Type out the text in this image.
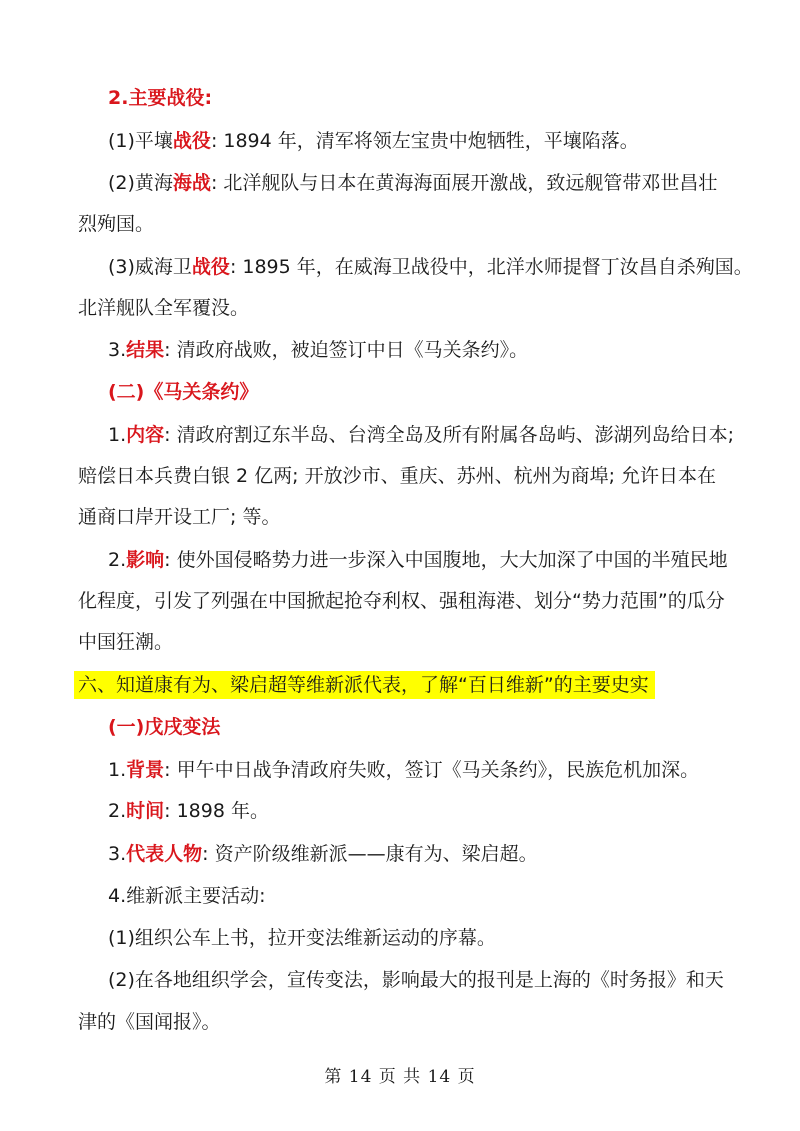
2.主要战役:
(1)平壤战役: 1894 年，清军将领左宝贵中炮牺牲，平壤陷落。
(2)黄海海战: 北洋舰队与日本在黄海海面展开激战，致远舰管带邓世昌壮
烈殉国。
(3)威海卫战役: 1895 年，在威海卫战役中，北洋水师提督丁汝昌自杀殉国。
北洋舰队全军覆没。
3.结果: 清政府战败，被迫签订中日《马关条约》。
(二)《马关条约》
1.内容: 清政府割辽东半岛、台湾全岛及所有附属各岛屿、澎湖列岛给日本;
赔偿日本兵费白银 2 亿两; 开放沙市、重庆、苏州、杭州为商埠; 允许日本在
通商口岸开设工厂; 等。
2.影响: 使外国侵略势力进一步深入中国腹地，大大加深了中国的半殖民地
化程度，引发了列强在中国掀起抢夺利权、强租海港、划分“势力范围”的瓜分
中国狂潮。
六、知道康有为、梁启超等维新派代表，了解“百日维新”的主要史实
(一)戊戌变法
1.背景: 甲午中日战争清政府失败，签订《马关条约》，民族危机加深。
2.时间: 1898 年。
3.代表人物: 资产阶级维新派——康有为、梁启超。
4.维新派主要活动:
(1)组织公车上书，拉开变法维新运动的序幕。
(2)在各地组织学会，宣传变法，影响最大的报刊是上海的《时务报》和天
津的《国闻报》。
第 14 页 共 14 页
